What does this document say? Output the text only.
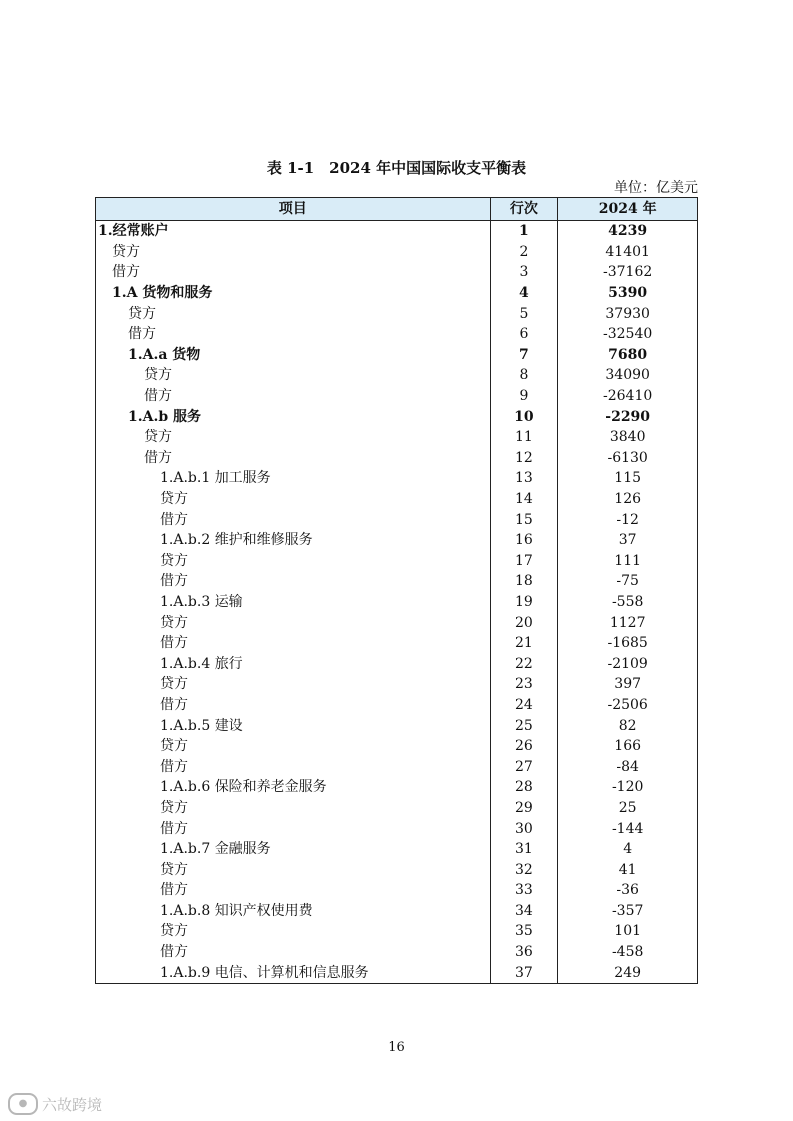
表 1-1　2024 年中国国际收支平衡表
单位：亿美元
项目	行次	2024 年
1.经常账户	1	4239
贷方	2	41401
借方	3	-37162
1.A 货物和服务	4	5390
贷方	5	37930
借方	6	-32540
1.A.a 货物	7	7680
贷方	8	34090
借方	9	-26410
1.A.b 服务	10	-2290
贷方	11	3840
借方	12	-6130
1.A.b.1 加工服务	13	115
贷方	14	126
借方	15	-12
1.A.b.2 维护和维修服务	16	37
贷方	17	111
借方	18	-75
1.A.b.3 运输	19	-558
贷方	20	1127
借方	21	-1685
1.A.b.4 旅行	22	-2109
贷方	23	397
借方	24	-2506
1.A.b.5 建设	25	82
贷方	26	166
借方	27	-84
1.A.b.6 保险和养老金服务	28	-120
贷方	29	25
借方	30	-144
1.A.b.7 金融服务	31	4
贷方	32	41
借方	33	-36
1.A.b.8 知识产权使用费	34	-357
贷方	35	101
借方	36	-458
1.A.b.9 电信、计算机和信息服务	37	249
16
● 六故跨境
